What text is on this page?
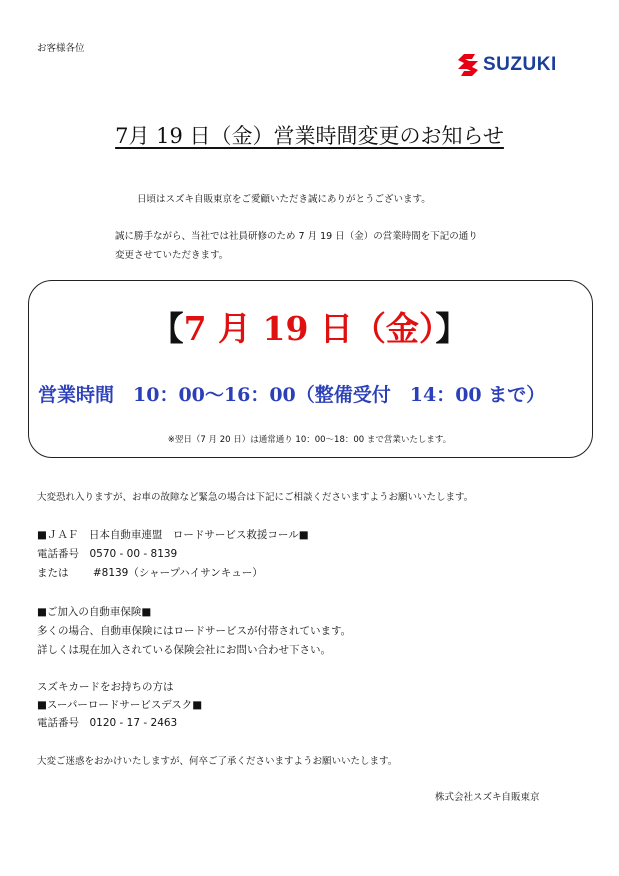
お客様各位
SUZUKI
7月 19 日（金）営業時間変更のお知らせ
日頃はスズキ自販東京をご愛顧いただき誠にありがとうございます。
誠に勝手ながら、当社では社員研修のため 7 月 19 日（金）の営業時間を下記の通り
変更させていただきます。
【7 月 19 日（金）】
営業時間　10：00～16：00（整備受付　14：00 まで）
※翌日（7 月 20 日）は通常通り 10：00～18：00 まで営業いたします。
大変恐れ入りますが、お車の故障など緊急の場合は下記にご相談くださいますようお願いいたします。
■ＪＡＦ　日本自動車連盟　ロードサービス救援コール■
電話番号　0570 - 00 - 8139
または　　 #8139（シャープハイサンキュー）
■ご加入の自動車保険■
多くの場合、自動車保険にはロードサービスが付帯されています。
詳しくは現在加入されている保険会社にお問い合わせ下さい。
スズキカードをお持ちの方は
■スーパーロードサービスデスク■
電話番号　0120 - 17 - 2463
大変ご迷惑をおかけいたしますが、何卒ご了承くださいますようお願いいたします。
株式会社スズキ自販東京
